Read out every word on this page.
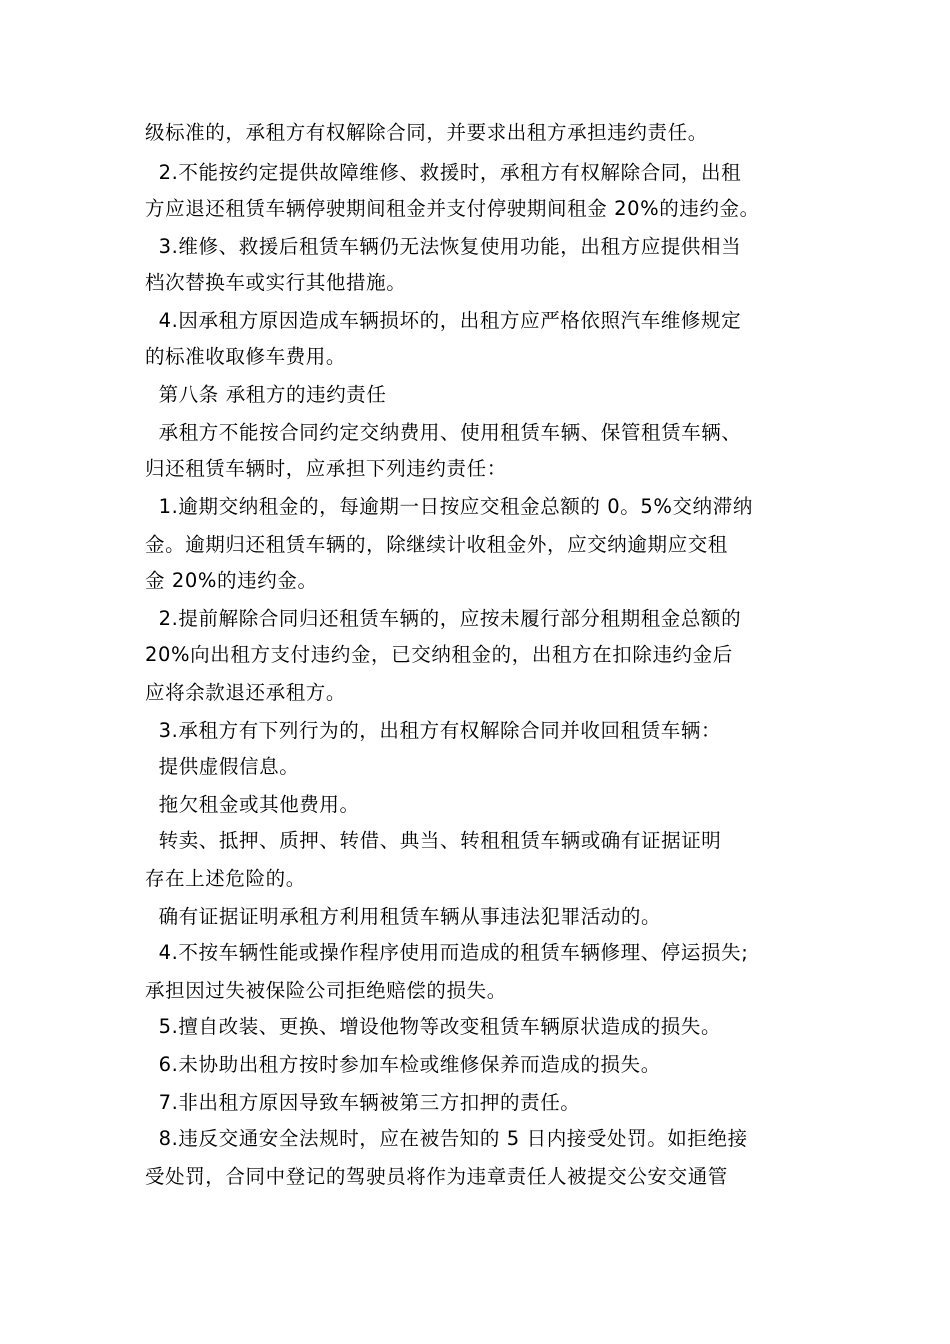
级标准的，承租方有权解除合同，并要求出租方承担违约责任。
2.不能按约定提供故障维修、救援时，承租方有权解除合同，出租
方应退还租赁车辆停驶期间租金并支付停驶期间租金 20%的违约金。
3.维修、救援后租赁车辆仍无法恢复使用功能，出租方应提供相当
档次替换车或实行其他措施。
4.因承租方原因造成车辆损坏的，出租方应严格依照汽车维修规定
的标准收取修车费用。
第八条 承租方的违约责任
承租方不能按合同约定交纳费用、使用租赁车辆、保管租赁车辆、
归还租赁车辆时，应承担下列违约责任：
1.逾期交纳租金的，每逾期一日按应交租金总额的 0。5%交纳滞纳
金。逾期归还租赁车辆的，除继续计收租金外，应交纳逾期应交租
金 20%的违约金。
2.提前解除合同归还租赁车辆的，应按未履行部分租期租金总额的
20%向出租方支付违约金，已交纳租金的，出租方在扣除违约金后
应将余款退还承租方。
3.承租方有下列行为的，出租方有权解除合同并收回租赁车辆：
提供虚假信息。
拖欠租金或其他费用。
转卖、抵押、质押、转借、典当、转租租赁车辆或确有证据证明
存在上述危险的。
确有证据证明承租方利用租赁车辆从事违法犯罪活动的。
4.不按车辆性能或操作程序使用而造成的租赁车辆修理、停运损失;
承担因过失被保险公司拒绝赔偿的损失。
5.擅自改装、更换、增设他物等改变租赁车辆原状造成的损失。
6.未协助出租方按时参加车检或维修保养而造成的损失。
7.非出租方原因导致车辆被第三方扣押的责任。
8.违反交通安全法规时，应在被告知的 5 日内接受处罚。如拒绝接
受处罚，合同中登记的驾驶员将作为违章责任人被提交公安交通管
